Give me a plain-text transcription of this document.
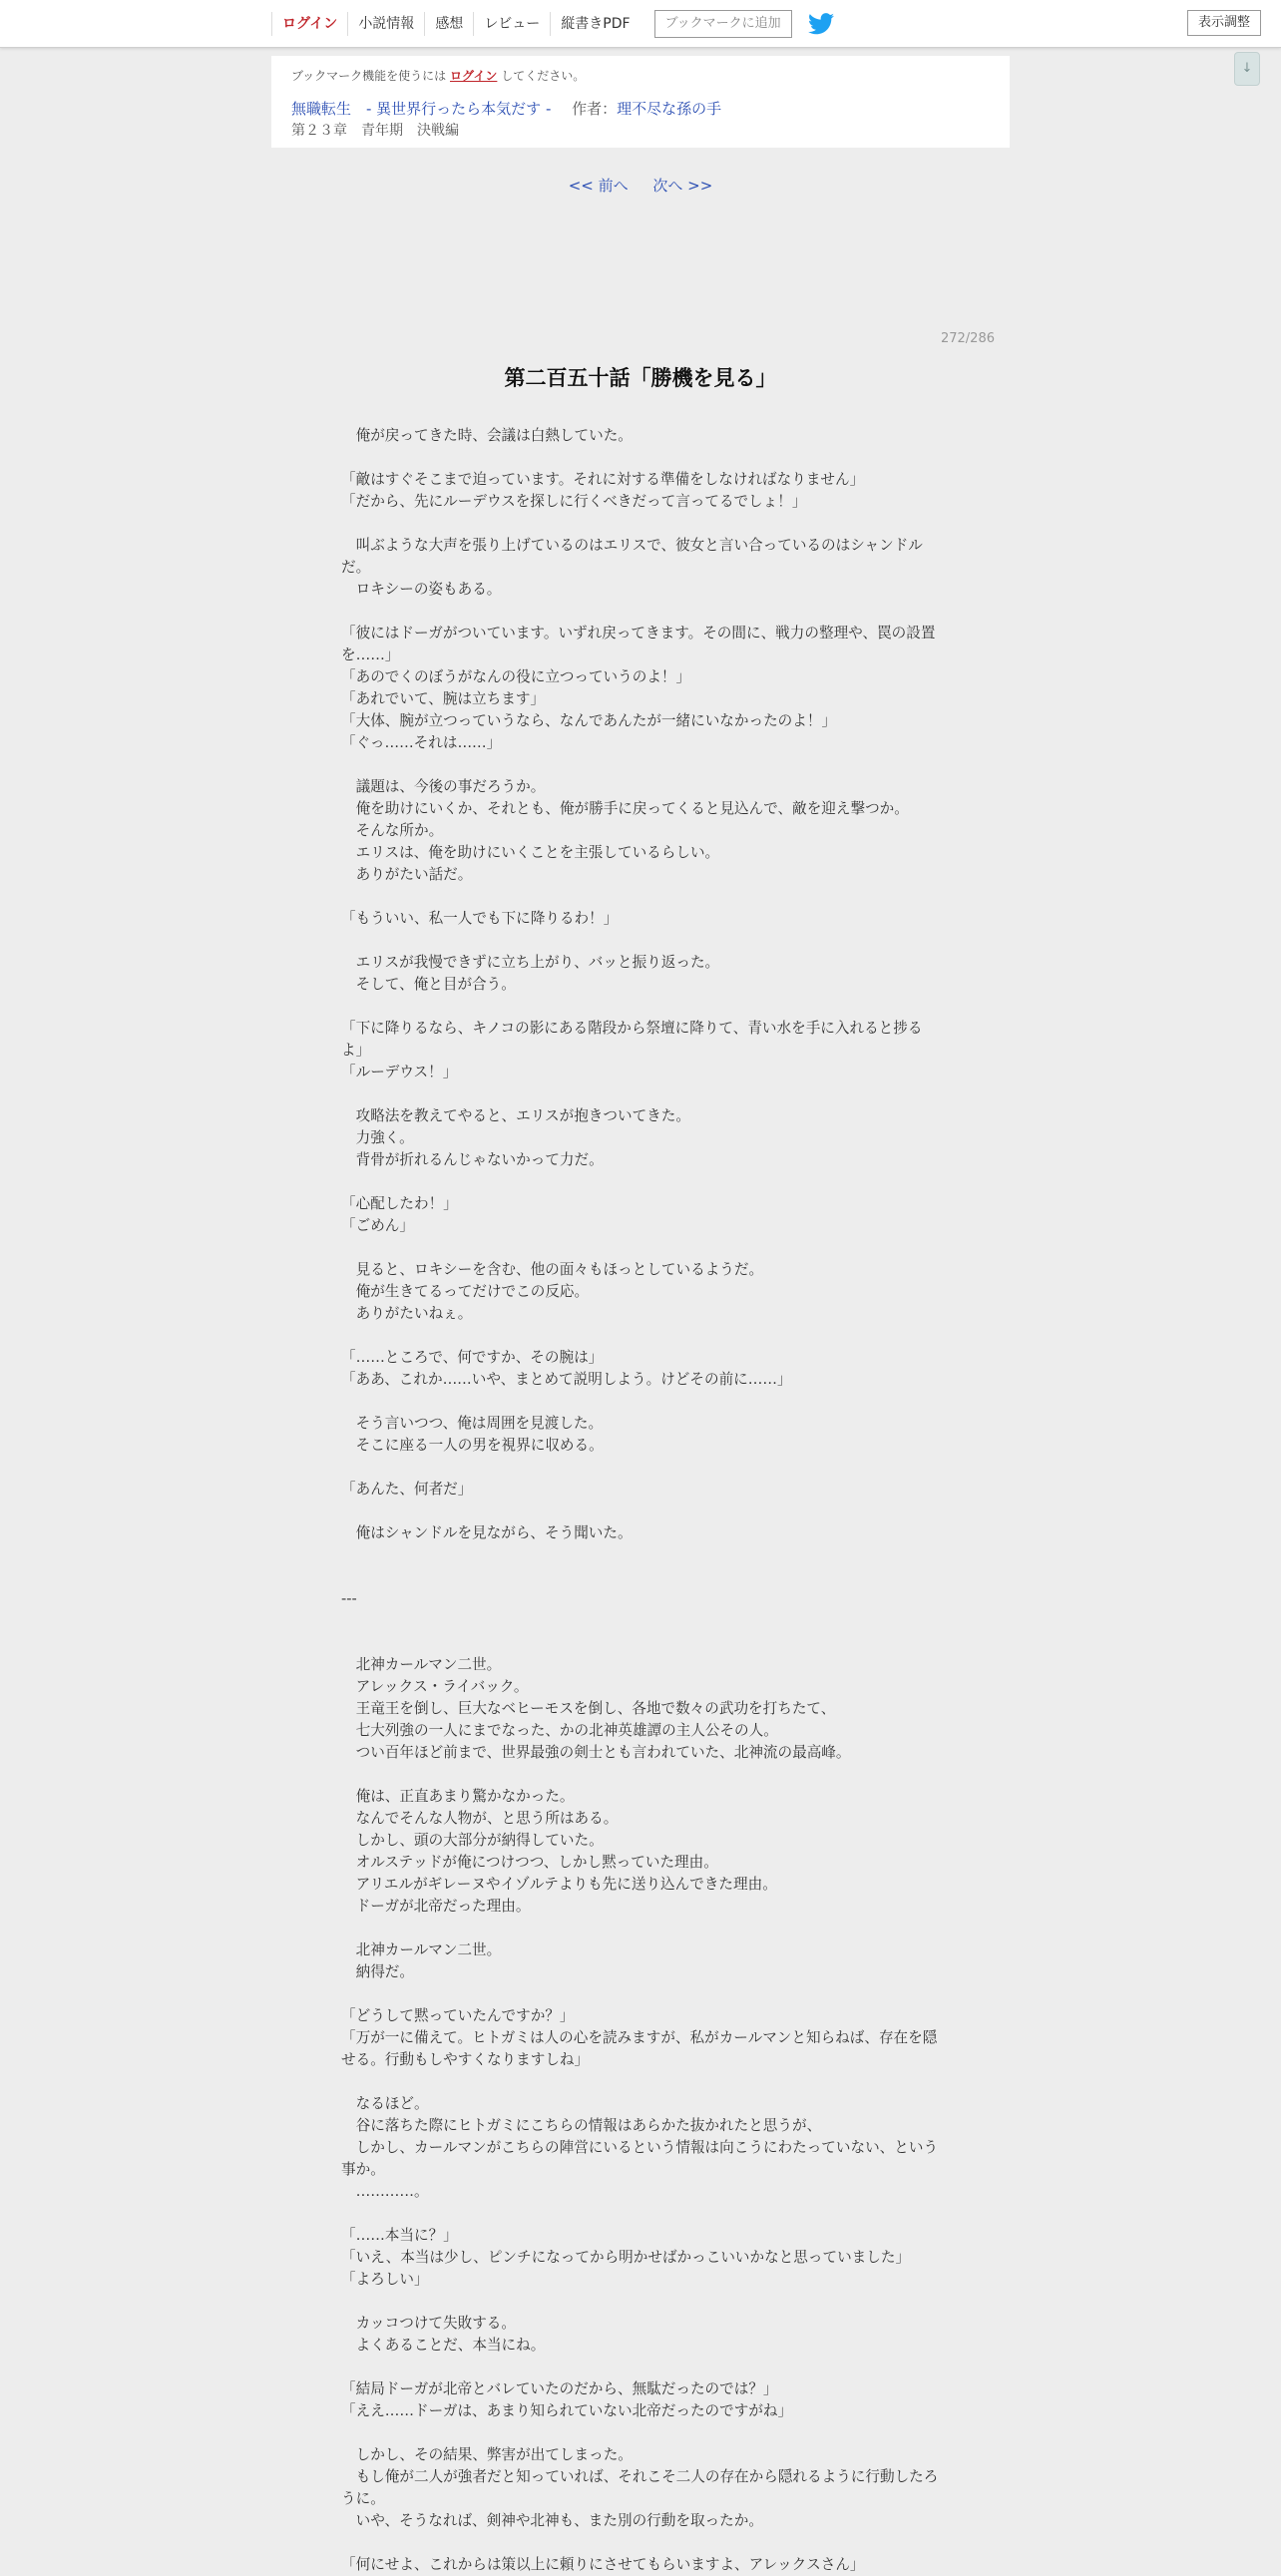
ログイン	小説情報	感想	レビュー	縦書きPDF	ブックマークに追加	表示調整
↓
ブックマーク機能を使うには ログイン してください。
無職転生　- 異世界行ったら本気だす - 作者：理不尽な孫の手
第２３章　青年期　決戦編
<< 前へ 次へ >>
272/286
第二百五十話「勝機を見る」
　俺が戻ってきた時、会議は白熱していた。
「敵はすぐそこまで迫っています。それに対する準備をしなければなりません」
「だから、先にルーデウスを探しに行くべきだって言ってるでしょ！」
　叫ぶような大声を張り上げているのはエリスで、彼女と言い合っているのはシャンドルだ。
　ロキシーの姿もある。
「彼にはドーガがついています。いずれ戻ってきます。その間に、戦力の整理や、罠の設置を……」
「あのでくのぼうがなんの役に立つっていうのよ！」
「あれでいて、腕は立ちます」
「大体、腕が立つっていうなら、なんであんたが一緒にいなかったのよ！」
「ぐっ……それは……」
　議題は、今後の事だろうか。
　俺を助けにいくか、それとも、俺が勝手に戻ってくると見込んで、敵を迎え撃つか。
　そんな所か。
　エリスは、俺を助けにいくことを主張しているらしい。
　ありがたい話だ。
「もういい、私一人でも下に降りるわ！」
　エリスが我慢できずに立ち上がり、バッと振り返った。
　そして、俺と目が合う。
「下に降りるなら、キノコの影にある階段から祭壇に降りて、青い水を手に入れると捗るよ」
「ルーデウス！」
　攻略法を教えてやると、エリスが抱きついてきた。
　力強く。
　背骨が折れるんじゃないかって力だ。
「心配したわ！」
「ごめん」
　見ると、ロキシーを含む、他の面々もほっとしているようだ。
　俺が生きてるってだけでこの反応。
　ありがたいねぇ。
「……ところで、何ですか、その腕は」
「ああ、これか……いや、まとめて説明しよう。けどその前に……」
　そう言いつつ、俺は周囲を見渡した。
　そこに座る一人の男を視界に収める。
「あんた、何者だ」
　俺はシャンドルを見ながら、そう聞いた。
---
　北神カールマン二世。
　アレックス・ライバック。
　王竜王を倒し、巨大なベヒーモスを倒し、各地で数々の武功を打ちたて、
　七大列強の一人にまでなった、かの北神英雄譚の主人公その人。
　つい百年ほど前まで、世界最強の剣士とも言われていた、北神流の最高峰。
　俺は、正直あまり驚かなかった。
　なんでそんな人物が、と思う所はある。
　しかし、頭の大部分が納得していた。
　オルステッドが俺につけつつ、しかし黙っていた理由。
　アリエルがギレーヌやイゾルテよりも先に送り込んできた理由。
　ドーガが北帝だった理由。
　北神カールマン二世。
　納得だ。
「どうして黙っていたんですか？」
「万が一に備えて。ヒトガミは人の心を読みますが、私がカールマンと知らねば、存在を隠せる。行動もしやすくなりますしね」
　なるほど。
　谷に落ちた際にヒトガミにこちらの情報はあらかた抜かれたと思うが、
　しかし、カールマンがこちらの陣営にいるという情報は向こうにわたっていない、という事か。
　…………。
「……本当に？」
「いえ、本当は少し、ピンチになってから明かせばかっこいいかなと思っていました」
「よろしい」
　カッコつけて失敗する。
　よくあることだ、本当にね。
「結局ドーガが北帝とバレていたのだから、無駄だったのでは？」
「ええ……ドーガは、あまり知られていない北帝だったのですがね」
　しかし、その結果、弊害が出てしまった。
　もし俺が二人が強者だと知っていれば、それこそ二人の存在から隠れるように行動したろうに。
　いや、そうなれば、剣神や北神も、また別の行動を取ったか。
「何にせよ、これからは策以上に頼りにさせてもらいますよ、アレックスさん」
